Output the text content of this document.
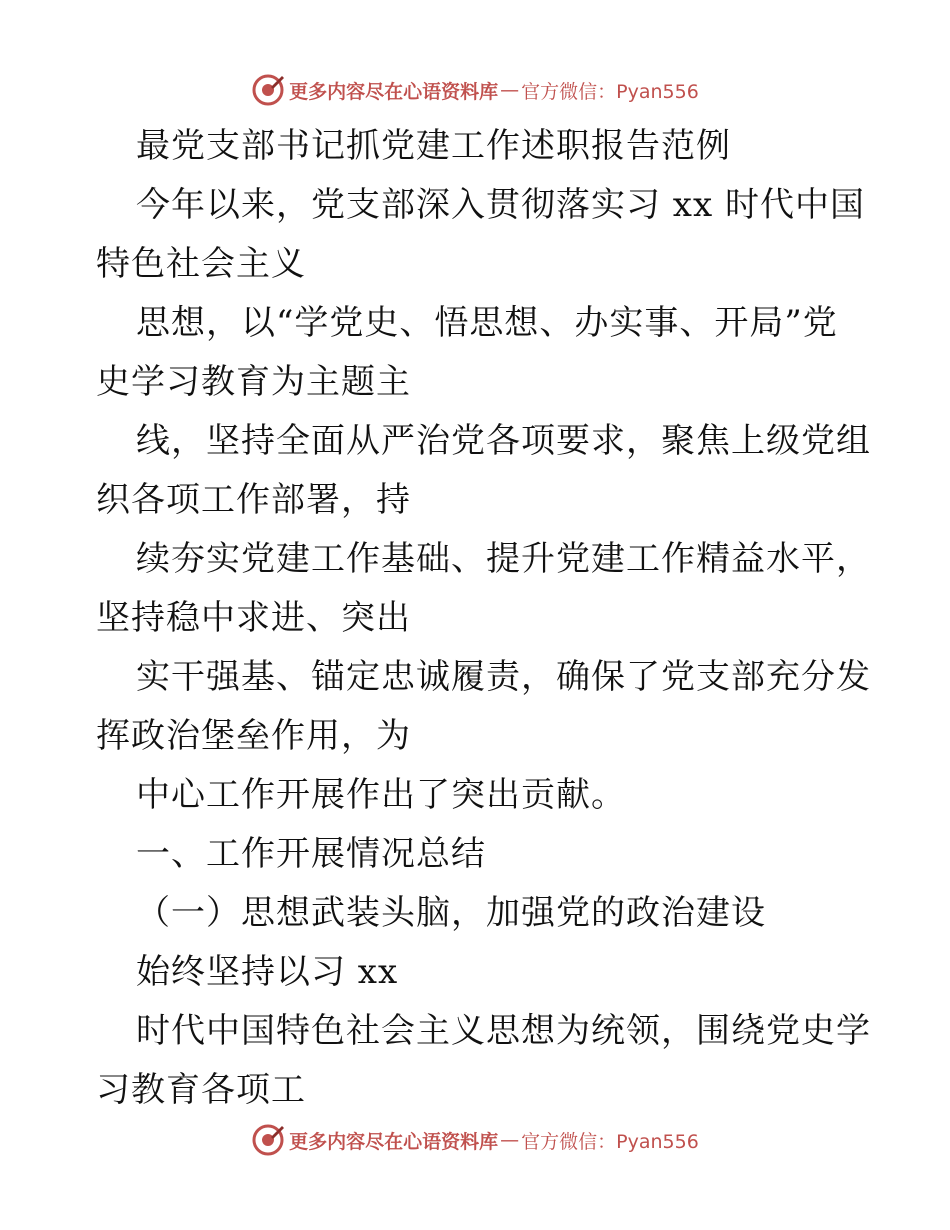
更多内容尽在心语资料库 — 官方微信：Pyan556
最党支部书记抓党建工作述职报告范例
今年以来，党支部深入贯彻落实习 xx 时代中国
特色社会主义
思想，以“学党史、悟思想、办实事、开局”党
史学习教育为主题主
线，坚持全面从严治党各项要求，聚焦上级党组
织各项工作部署，持
续夯实党建工作基础、提升党建工作精益水平，
坚持稳中求进、突出
实干强基、锚定忠诚履责，确保了党支部充分发
挥政治堡垒作用，为
中心工作开展作出了突出贡献。
一、工作开展情况总结
（一）思想武装头脑，加强党的政治建设
始终坚持以习 xx
时代中国特色社会主义思想为统领，围绕党史学
习教育各项工
更多内容尽在心语资料库 — 官方微信：Pyan556
